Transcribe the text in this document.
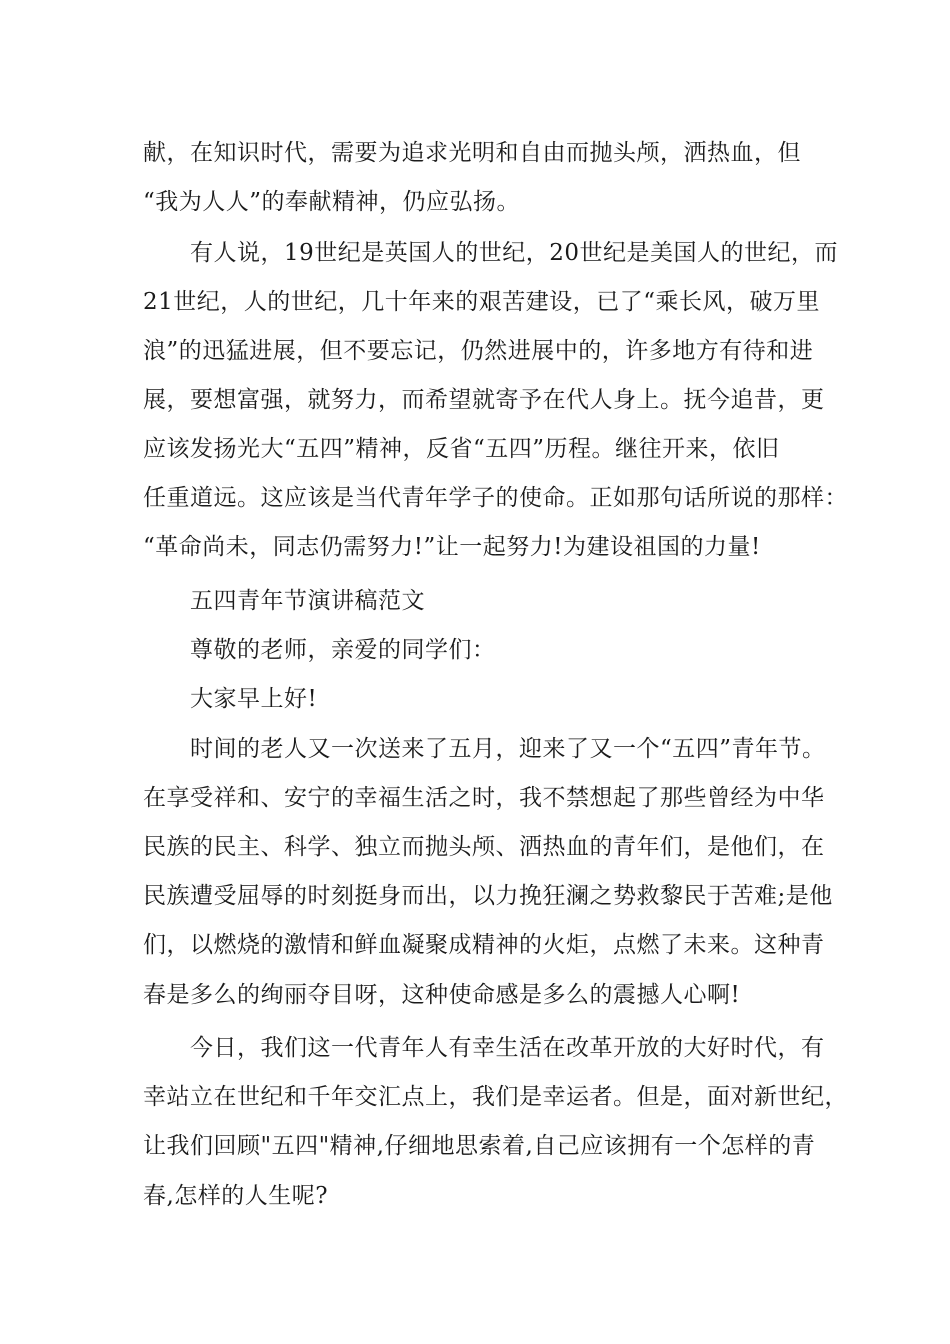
献，在知识时代，需要为追求光明和自由而抛头颅，洒热血，但
“我为人人”的奉献精神，仍应弘扬。
有人说，19世纪是英国人的世纪，20世纪是美国人的世纪，而
21世纪，人的世纪，几十年来的艰苦建设，已了“乘长风，破万里
浪”的迅猛进展，但不要忘记，仍然进展中的，许多地方有待和进
展，要想富强，就努力，而希望就寄予在代人身上。抚今追昔，更
应该发扬光大“五四”精神，反省“五四”历程。继往开来，依旧
任重道远。这应该是当代青年学子的使命。正如那句话所说的那样：
“革命尚未，同志仍需努力!”让一起努力!为建设祖国的力量!
五四青年节演讲稿范文
尊敬的老师，亲爱的同学们：
大家早上好!
时间的老人又一次送来了五月，迎来了又一个“五四”青年节。
在享受祥和、安宁的幸福生活之时，我不禁想起了那些曾经为中华
民族的民主、科学、独立而抛头颅、洒热血的青年们，是他们，在
民族遭受屈辱的时刻挺身而出，以力挽狂澜之势救黎民于苦难;是他
们，以燃烧的激情和鲜血凝聚成精神的火炬，点燃了未来。这种青
春是多么的绚丽夺目呀，这种使命感是多么的震撼人心啊!
今日，我们这一代青年人有幸生活在改革开放的大好时代，有
幸站立在世纪和千年交汇点上，我们是幸运者。但是，面对新世纪，
让我们回顾"五四"精神,仔细地思索着,自己应该拥有一个怎样的青
春,怎样的人生呢?
